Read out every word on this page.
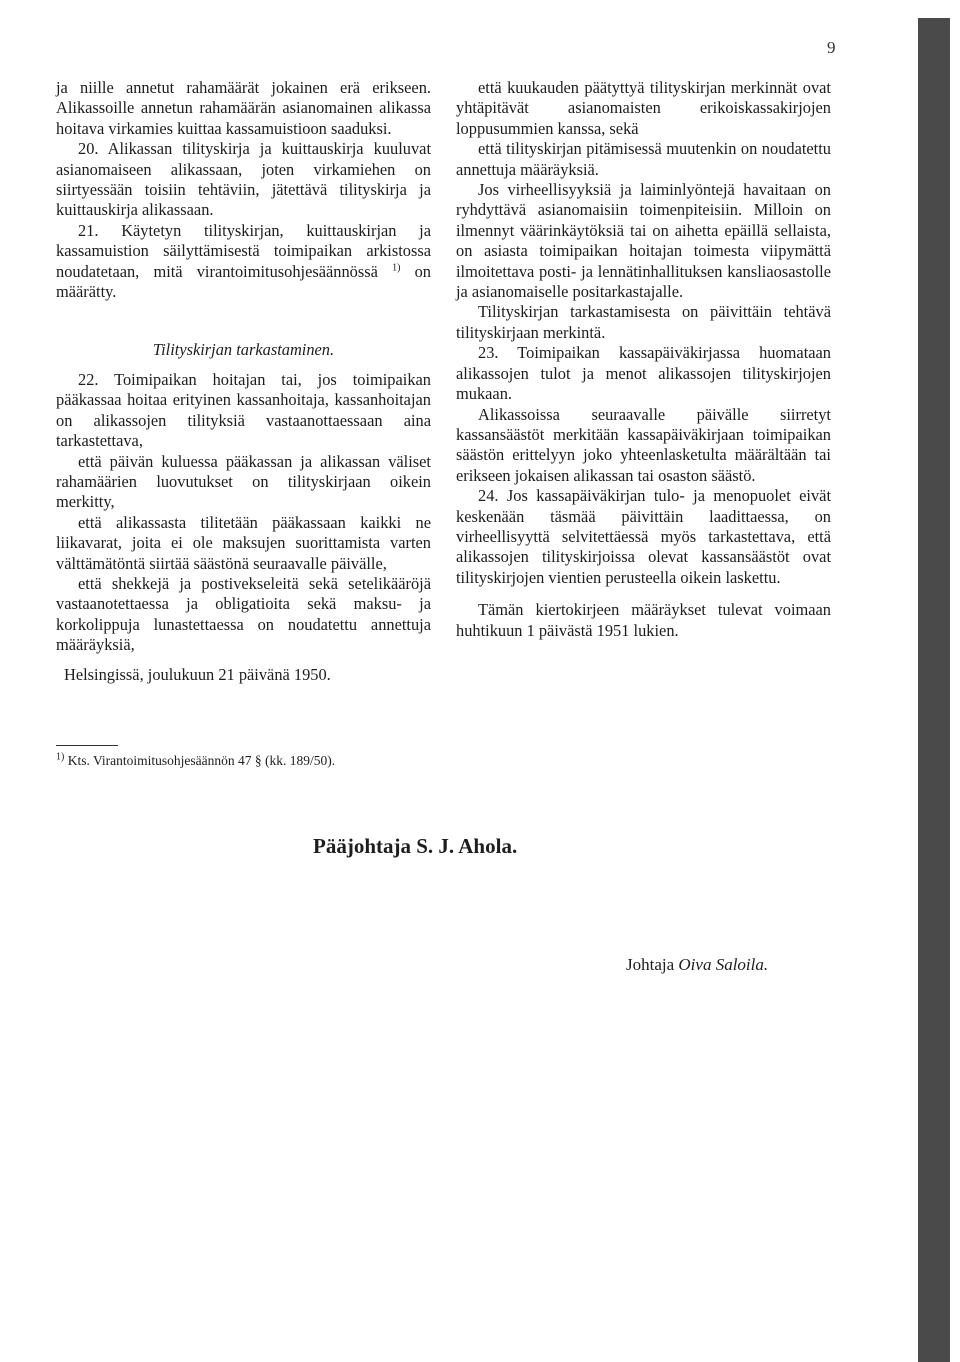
9

ja niille annetut rahamäärät jokainen erä erikseen. Alikassoille annetun rahamäärän asianomainen alikassa hoitava virkamies kuittaa kassamuistioon saaduksi.

20. Alikassan tilityskirja ja kuittauskirja kuuluvat asianomaiseen alikassaan, joten virkamiehen on siirtyessään toisiin tehtäviin, jätettävä tilityskirja ja kuittauskirja alikassaan.

21. Käytetyn tilityskirjan, kuittauskirjan ja kassamuistion säilyttämisestä toimipaikan arkistossa noudatetaan, mitä virantoimitusohjesäännössä $^{1)}$ on määrätty.

Tilityskirjan tarkastaminen.

22. Toimipaikan hoitajan tai, jos toimipaikan pääkassaa hoitaa erityinen kassanhoitaja, kassanhoitajan on alikassojen tilityksiä vastaanottaessaan aina tarkastettava,

että päivän kuluessa pääkassan ja alikassan väliset rahamäärien luovutukset on tilityskirjaan oikein merkitty,

että alikassasta tilitetään pääkassaan kaikki ne liikavarat, joita ei ole maksujen suorittamista varten välttämätöntä siirtää säästönä seuraavalle päivälle,

että shekkejä ja postivekseleitä sekä setelikääröjä vastaanotettaessa ja obligatioita sekä maksu- ja korkolippuja lunastettaessa on noudatettu annettuja määräyksiä,

Helsingissä, joulukuun 21 päivänä 1950.

$^{1)}$ Kts. Virantoimitusohjesäännön 47 § (kk. 189/50).

että kuukauden päätyttyä tilityskirjan merkinnät ovat yhtäpitävät asianomaisten erikoiskassakirjojen loppusummien kanssa, sekä

että tilityskirjan pitämisessä muutenkin on noudatettu annettuja määräyksiä.

Jos virheellisyyksiä ja laiminlyöntejä havaitaan on ryhdyttävä asianomaisiin toimenpiteisiin. Milloin on ilmennyt väärinkäytöksiä tai on aihetta epäillä sellaista, on asiasta toimipaikan hoitajan toimesta viipymättä ilmoitettava posti- ja lennätinhallituksen kansliaosastolle ja asianomaiselle positarkastajalle.

Tilityskirjan tarkastamisesta on päivittäin tehtävä tilityskirjaan merkintä.

23. Toimipaikan kassapäiväkirjassa huomataan alikassojen tulot ja menot alikassojen tilityskirjojen mukaan.

Alikassoissa seuraavalle päivälle siirretyt kassansäästöt merkitään kassapäiväkirjaan toimipaikan säästön erittelyyn joko yhteenlasketulta määrältään tai erikseen jokaisen alikassan tai osaston säästö.

24. Jos kassapäiväkirjan tulo- ja menopuolet eivät keskenään täsmää päivittäin laadittaessa, on virheellisyyttä selvitettäessä myös tarkastettava, että alikassojen tilityskirjoissa olevat kassansäästöt ovat tilityskirjojen vientien perusteella oikein laskettu.

Tämän kiertokirjeen määräykset tulevat voimaan huhtikuun 1 päivästä 1951 lukien.

Pääjohtaja S. J. Ahola.
Johtaja Oiva Saloila.
